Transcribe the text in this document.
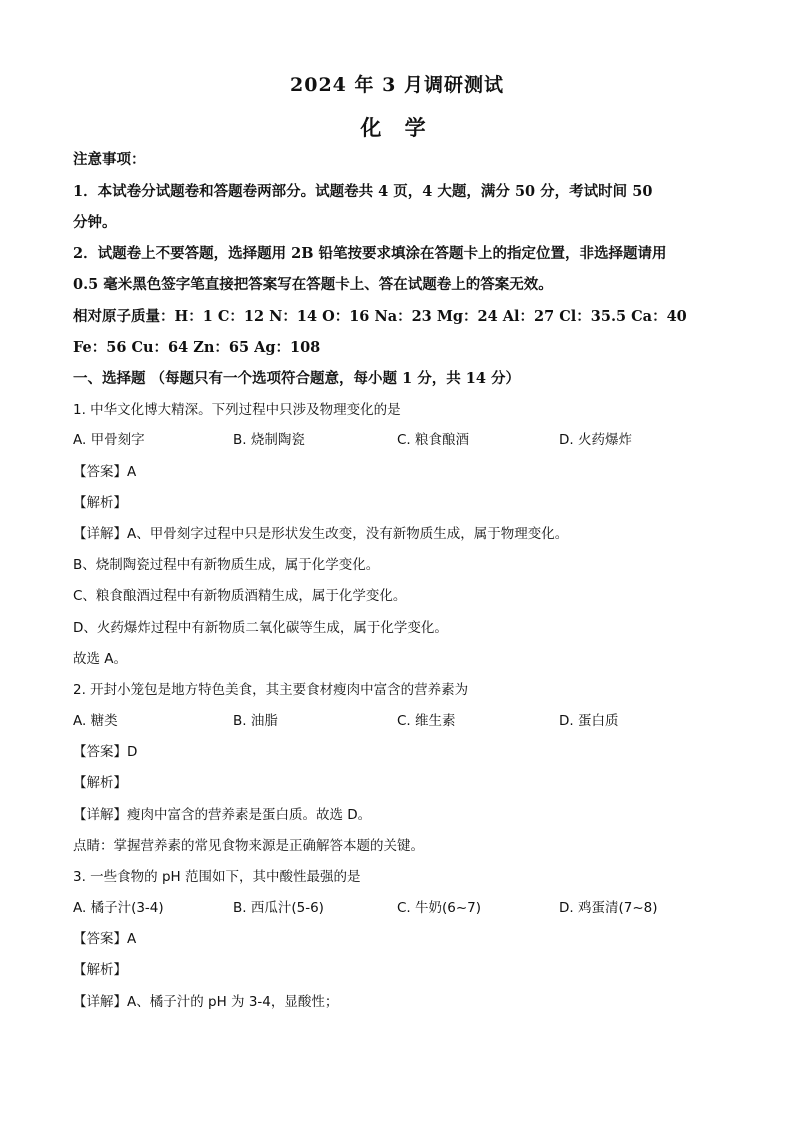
2024 年 3 月调研测试
化 学
注意事项：
1．本试卷分试题卷和答题卷两部分。试题卷共 4 页，4 大题，满分 50 分，考试时间 50
分钟。
2．试题卷上不要答题，选择题用 2B 铅笔按要求填涂在答题卡上的指定位置，非选择题请用
0.5 毫米黑色签字笔直接把答案写在答题卡上、答在试题卷上的答案无效。
相对原子质量：H：1 C：12 N：14 O：16 Na：23 Mg：24 Al：27 Cl：35.5 Ca：40
Fe：56 Cu：64 Zn：65 Ag：108
一、选择题 （每题只有一个选项符合题意，每小题 1 分，共 14 分）
1. 中华文化博大精深。下列过程中只涉及物理变化的是
A. 甲骨刻字	B. 烧制陶瓷	C. 粮食酿酒	D. 火药爆炸
【答案】A
【解析】
【详解】A、甲骨刻字过程中只是形状发生改变，没有新物质生成，属于物理变化。
B、烧制陶瓷过程中有新物质生成，属于化学变化。
C、粮食酿酒过程中有新物质酒精生成，属于化学变化。
D、火药爆炸过程中有新物质二氧化碳等生成，属于化学变化。
故选 A。
2. 开封小笼包是地方特色美食，其主要食材瘦肉中富含的营养素为
A. 糖类	B. 油脂	C. 维生素	D. 蛋白质
【答案】D
【解析】
【详解】瘦肉中富含的营养素是蛋白质。故选 D。
点睛：掌握营养素的常见食物来源是正确解答本题的关键。
3. 一些食物的 pH 范围如下，其中酸性最强的是
A. 橘子汁(3-4)	B. 西瓜汁(5-6)	C. 牛奶(6~7)	D. 鸡蛋清(7~8)
【答案】A
【解析】
【详解】A、橘子汁的 pH 为 3-4，显酸性；
